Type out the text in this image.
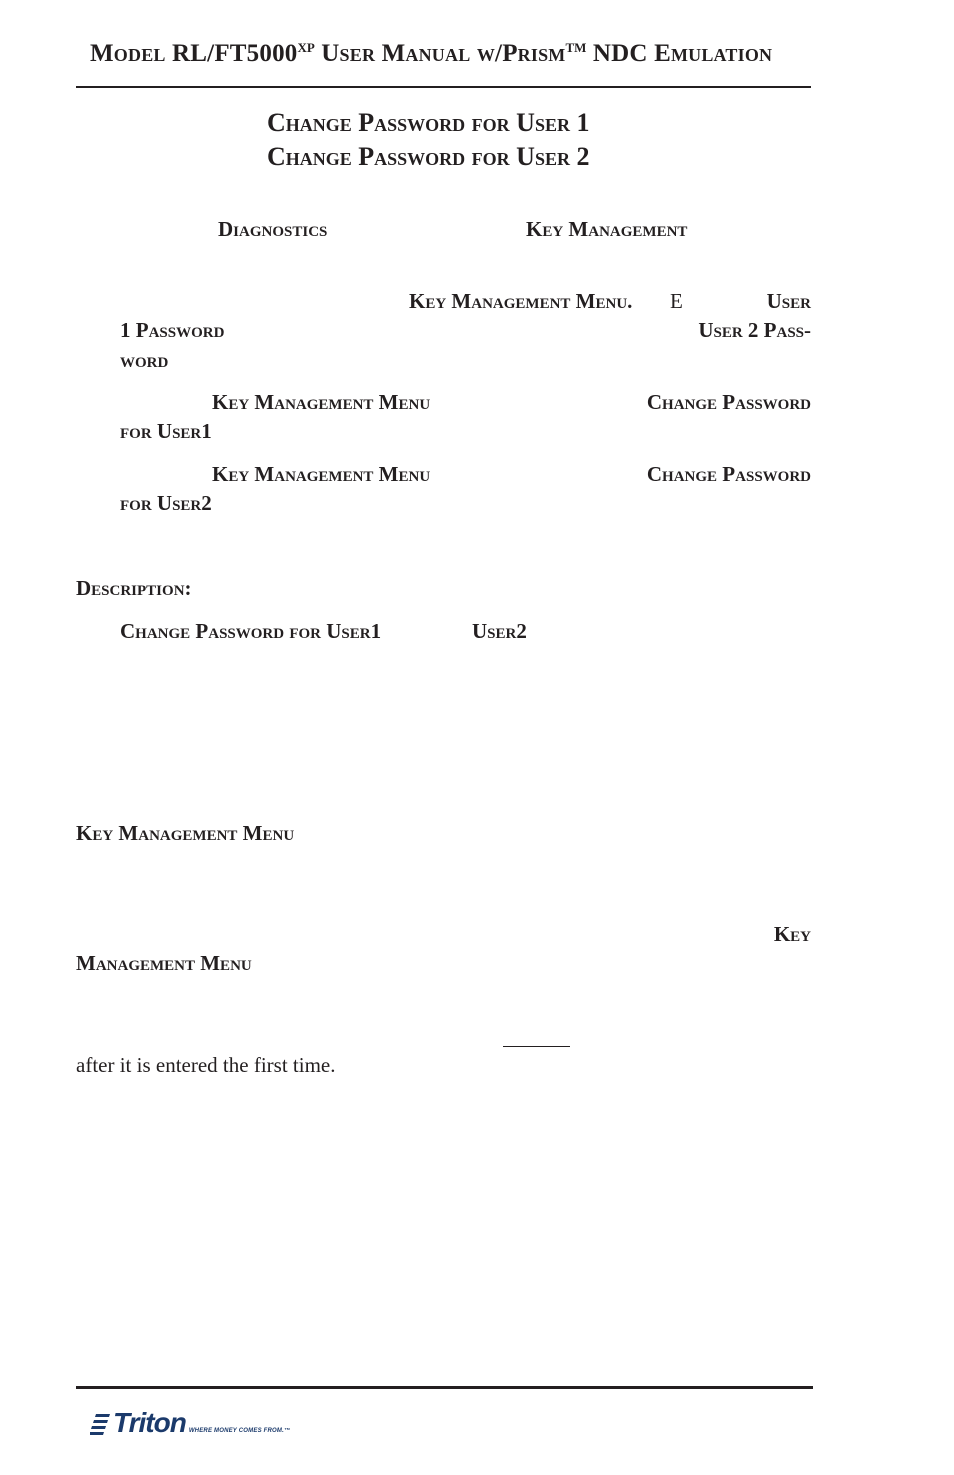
Model $RL/FT5000^{XP}$ User Manual w/Prism™ NDC Emulation
Change Password for User 1
Change Password for User 2
Diagnostics	Key Management
Key Management Menu. E	User
1 Password	User 2 Pass-
word
Key Management Menu	Change Password
for User1
Key Management Menu	Change Password
for User2
Description:
Change Password for User1	User2
Key Management Menu
Key
Management Menu
after it is entered the first time.
Triton WHERE MONEY COMES FROM.™
